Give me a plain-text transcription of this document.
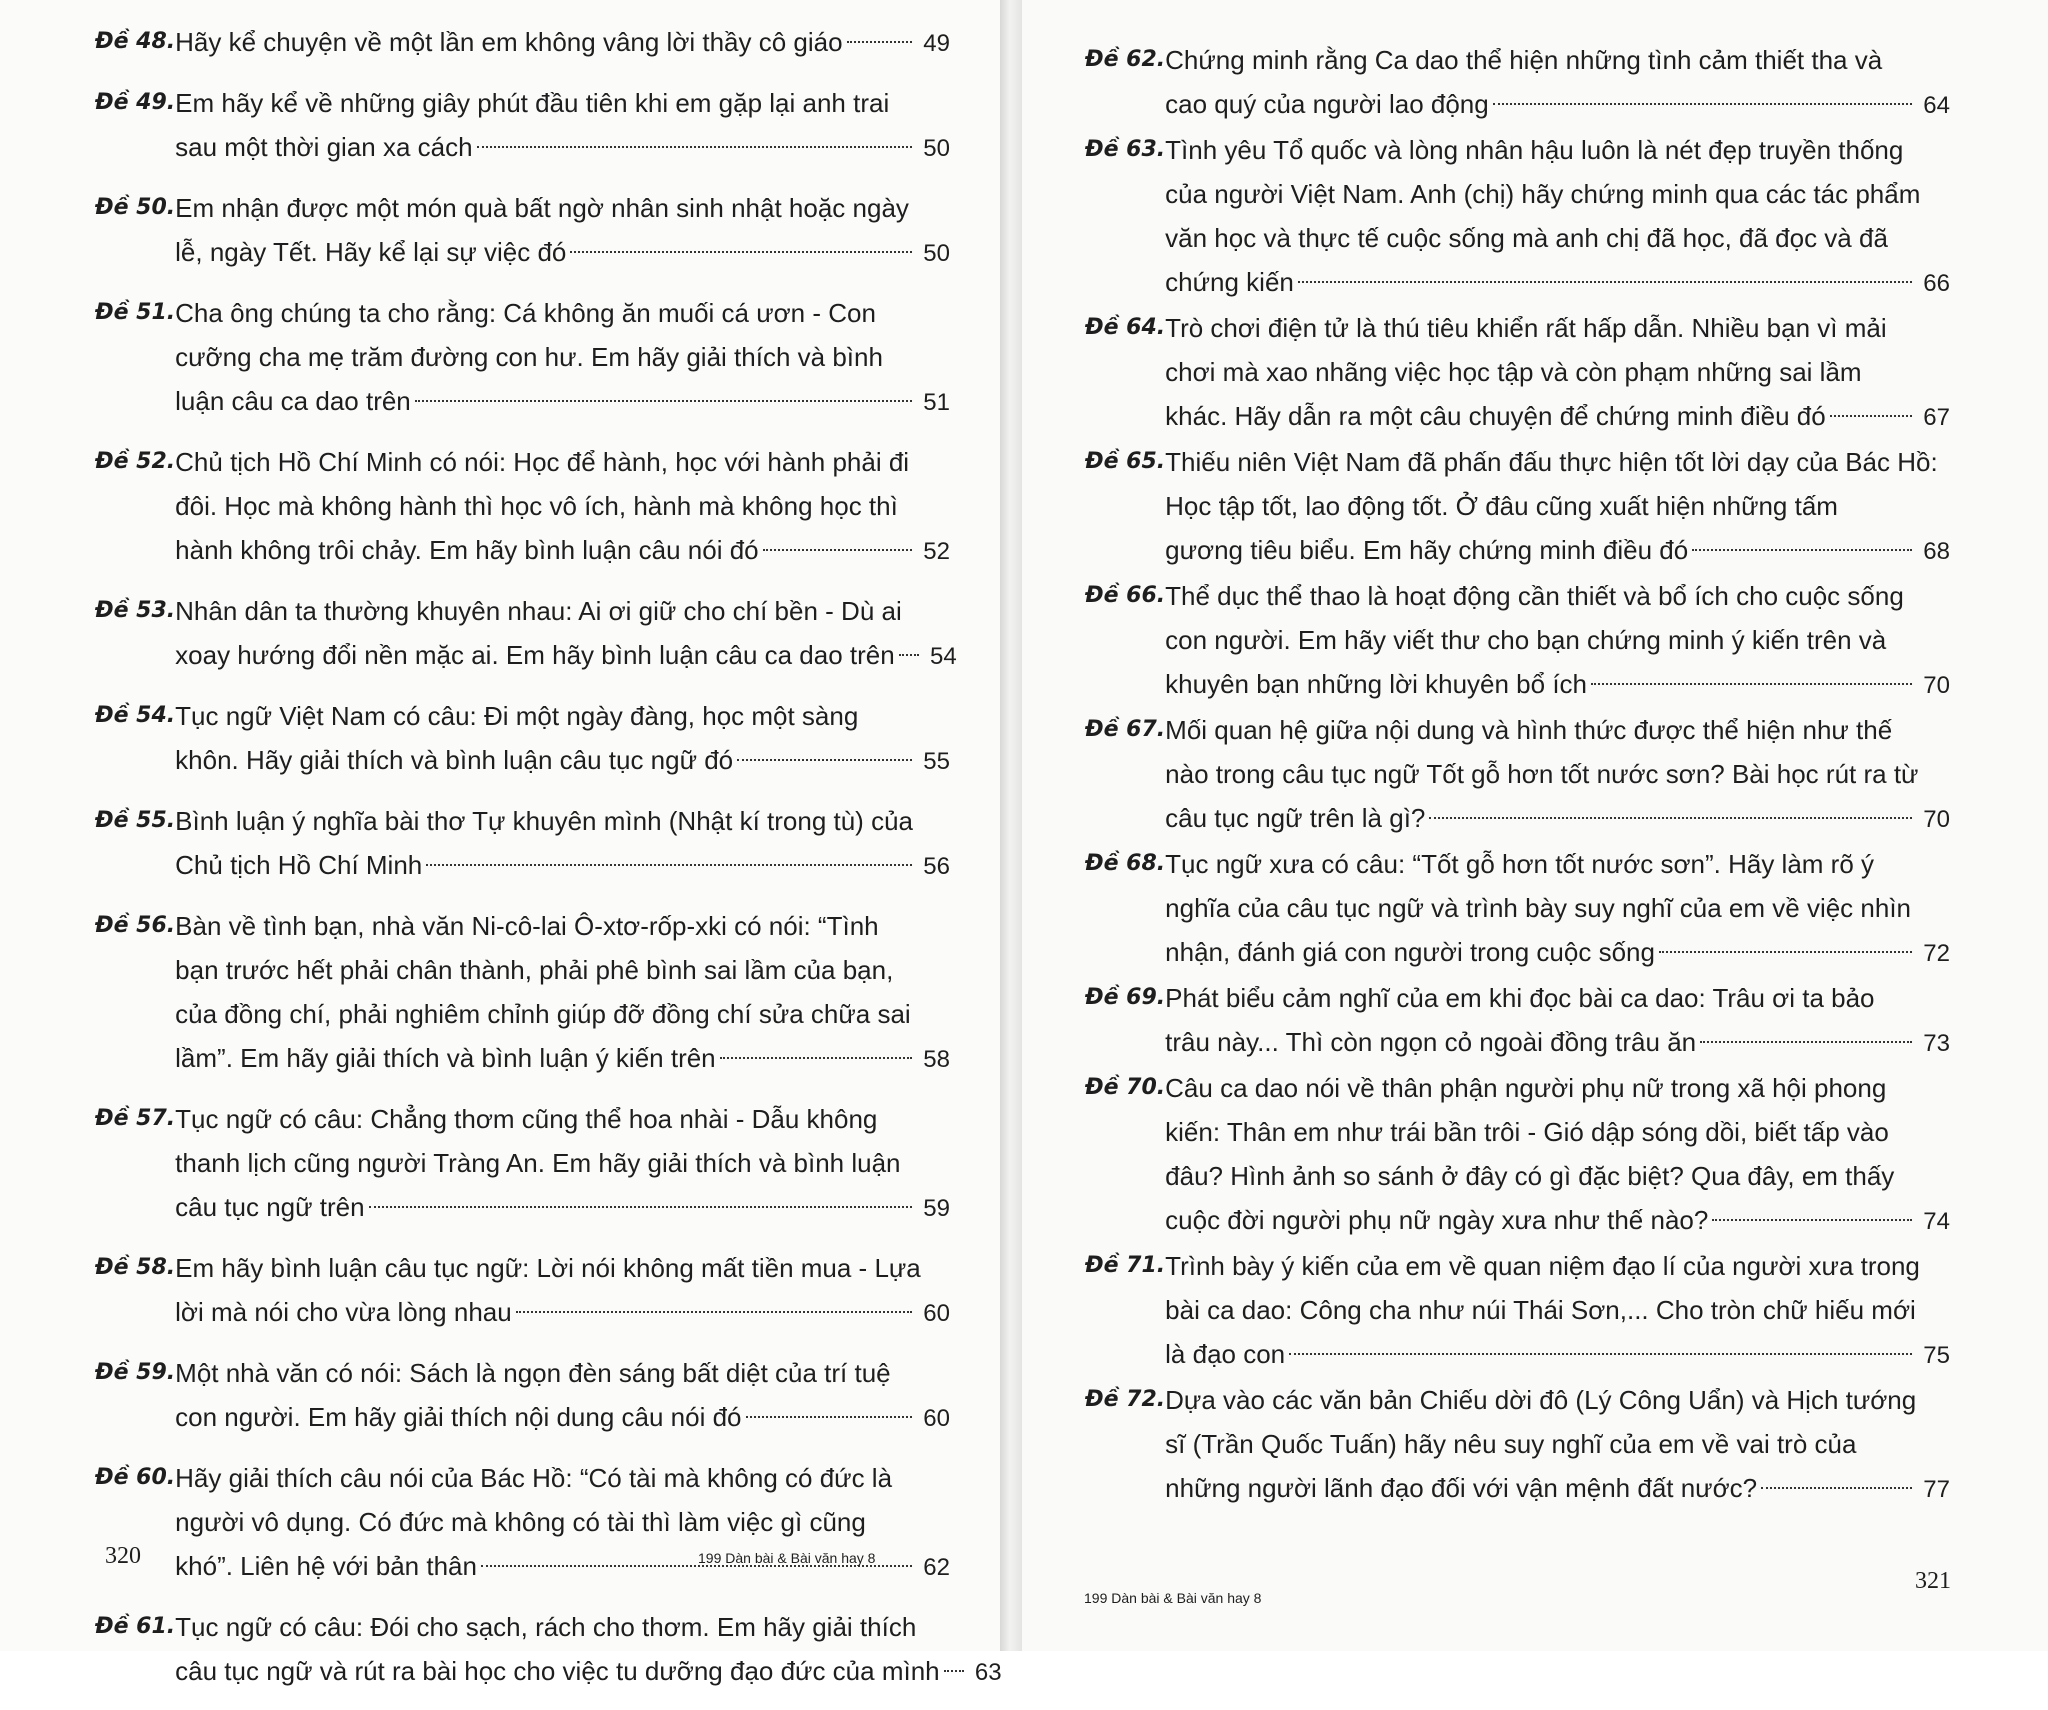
Đề 48. Hãy kể chuyện về một lần em không vâng lời thầy cô giáo	49
Đề 49. Em hãy kể về những giây phút đầu tiên khi em gặp lại anh trai
sau một thời gian xa cách	50
Đề 50. Em nhận được một món quà bất ngờ nhân sinh nhật hoặc ngày
lễ, ngày Tết. Hãy kể lại sự việc đó	50
Đề 51. Cha ông chúng ta cho rằng: Cá không ăn muối cá ươn - Con
cưỡng cha mẹ trăm đường con hư. Em hãy giải thích và bình
luận câu ca dao trên	51
Đề 52. Chủ tịch Hồ Chí Minh có nói: Học để hành, học với hành phải đi
đôi. Học mà không hành thì học vô ích, hành mà không học thì
hành không trôi chảy. Em hãy bình luận câu nói đó	52
Đề 53. Nhân dân ta thường khuyên nhau: Ai ơi giữ cho chí bền - Dù ai
xoay hướng đổi nền mặc ai. Em hãy bình luận câu ca dao trên	54
Đề 54. Tục ngữ Việt Nam có câu: Đi một ngày đàng, học một sàng
khôn. Hãy giải thích và bình luận câu tục ngữ đó	55
Đề 55. Bình luận ý nghĩa bài thơ Tự khuyên mình (Nhật kí trong tù) của
Chủ tịch Hồ Chí Minh	56
Đề 56. Bàn về tình bạn, nhà văn Ni-cô-lai Ô-xtơ-rốp-xki có nói: “Tình
bạn trước hết phải chân thành, phải phê bình sai lầm của bạn,
của đồng chí, phải nghiêm chỉnh giúp đỡ đồng chí sửa chữa sai
lầm”. Em hãy giải thích và bình luận ý kiến trên	58
Đề 57. Tục ngữ có câu: Chẳng thơm cũng thể hoa nhài - Dẫu không
thanh lịch cũng người Tràng An. Em hãy giải thích và bình luận
câu tục ngữ trên	59
Đề 58. Em hãy bình luận câu tục ngữ: Lời nói không mất tiền mua - Lựa
lời mà nói cho vừa lòng nhau	60
Đề 59. Một nhà văn có nói: Sách là ngọn đèn sáng bất diệt của trí tuệ
con người. Em hãy giải thích nội dung câu nói đó	60
Đề 60. Hãy giải thích câu nói của Bác Hồ: “Có tài mà không có đức là
người vô dụng. Có đức mà không có tài thì làm việc gì cũng
khó”. Liên hệ với bản thân	62
Đề 61. Tục ngữ có câu: Đói cho sạch, rách cho thơm. Em hãy giải thích
câu tục ngữ và rút ra bài học cho việc tu dưỡng đạo đức của mình	63
320	199 Dàn bài & Bài văn hay 8
199 Dàn bài & Bài văn hay 8
321
Đề 62. Chứng minh rằng Ca dao thể hiện những tình cảm thiết tha và
cao quý của người lao động	64
Đề 63. Tình yêu Tổ quốc và lòng nhân hậu luôn là nét đẹp truyền thống
của người Việt Nam. Anh (chị) hãy chứng minh qua các tác phẩm
văn học và thực tế cuộc sống mà anh chị đã học, đã đọc và đã
chứng kiến	66
Đề 64. Trò chơi điện tử là thú tiêu khiển rất hấp dẫn. Nhiều bạn vì mải
chơi mà xao nhãng việc học tập và còn phạm những sai lầm
khác. Hãy dẫn ra một câu chuyện để chứng minh điều đó	67
Đề 65. Thiếu niên Việt Nam đã phấn đấu thực hiện tốt lời dạy của Bác Hồ:
Học tập tốt, lao động tốt. Ở đâu cũng xuất hiện những tấm
gương tiêu biểu. Em hãy chứng minh điều đó	68
Đề 66. Thể dục thể thao là hoạt động cần thiết và bổ ích cho cuộc sống
con người. Em hãy viết thư cho bạn chứng minh ý kiến trên và
khuyên bạn những lời khuyên bổ ích	70
Đề 67. Mối quan hệ giữa nội dung và hình thức được thể hiện như thế
nào trong câu tục ngữ Tốt gỗ hơn tốt nước sơn? Bài học rút ra từ
câu tục ngữ trên là gì?	70
Đề 68. Tục ngữ xưa có câu: “Tốt gỗ hơn tốt nước sơn”. Hãy làm rõ ý
nghĩa của câu tục ngữ và trình bày suy nghĩ của em về việc nhìn
nhận, đánh giá con người trong cuộc sống	72
Đề 69. Phát biểu cảm nghĩ của em khi đọc bài ca dao: Trâu ơi ta bảo
trâu này... Thì còn ngọn cỏ ngoài đồng trâu ăn	73
Đề 70. Câu ca dao nói về thân phận người phụ nữ trong xã hội phong
kiến: Thân em như trái bần trôi - Gió dập sóng dồi, biết tấp vào
đâu? Hình ảnh so sánh ở đây có gì đặc biệt? Qua đây, em thấy
cuộc đời người phụ nữ ngày xưa như thế nào?	74
Đề 71. Trình bày ý kiến của em về quan niệm đạo lí của người xưa trong
bài ca dao: Công cha như núi Thái Sơn,... Cho tròn chữ hiếu mới
là đạo con	75
Đề 72. Dựa vào các văn bản Chiếu dời đô (Lý Công Uẩn) và Hịch tướng
sĩ (Trần Quốc Tuấn) hãy nêu suy nghĩ của em về vai trò của
những người lãnh đạo đối với vận mệnh đất nước?	77
